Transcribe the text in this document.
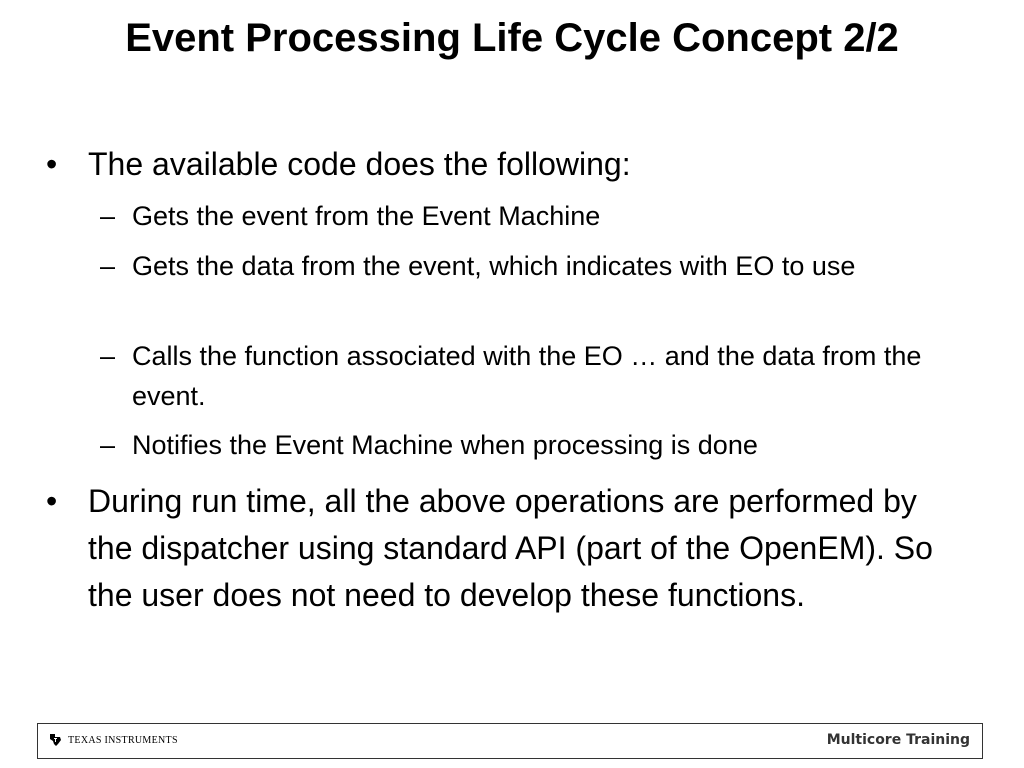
Event Processing Life Cycle Concept 2/2

• The available code does the following:

– Gets the event from the Event Machine

– Gets the data from the event, which indicates with EO to use

– Calls the function associated with the EO … and the data from the event.

– Notifies the Event Machine when processing is done

• During run time, all the above operations are performed by the dispatcher using standard API (part of the OpenEM). So the user does not need to develop these functions.

TEXAS INSTRUMENTS	Multicore Training
